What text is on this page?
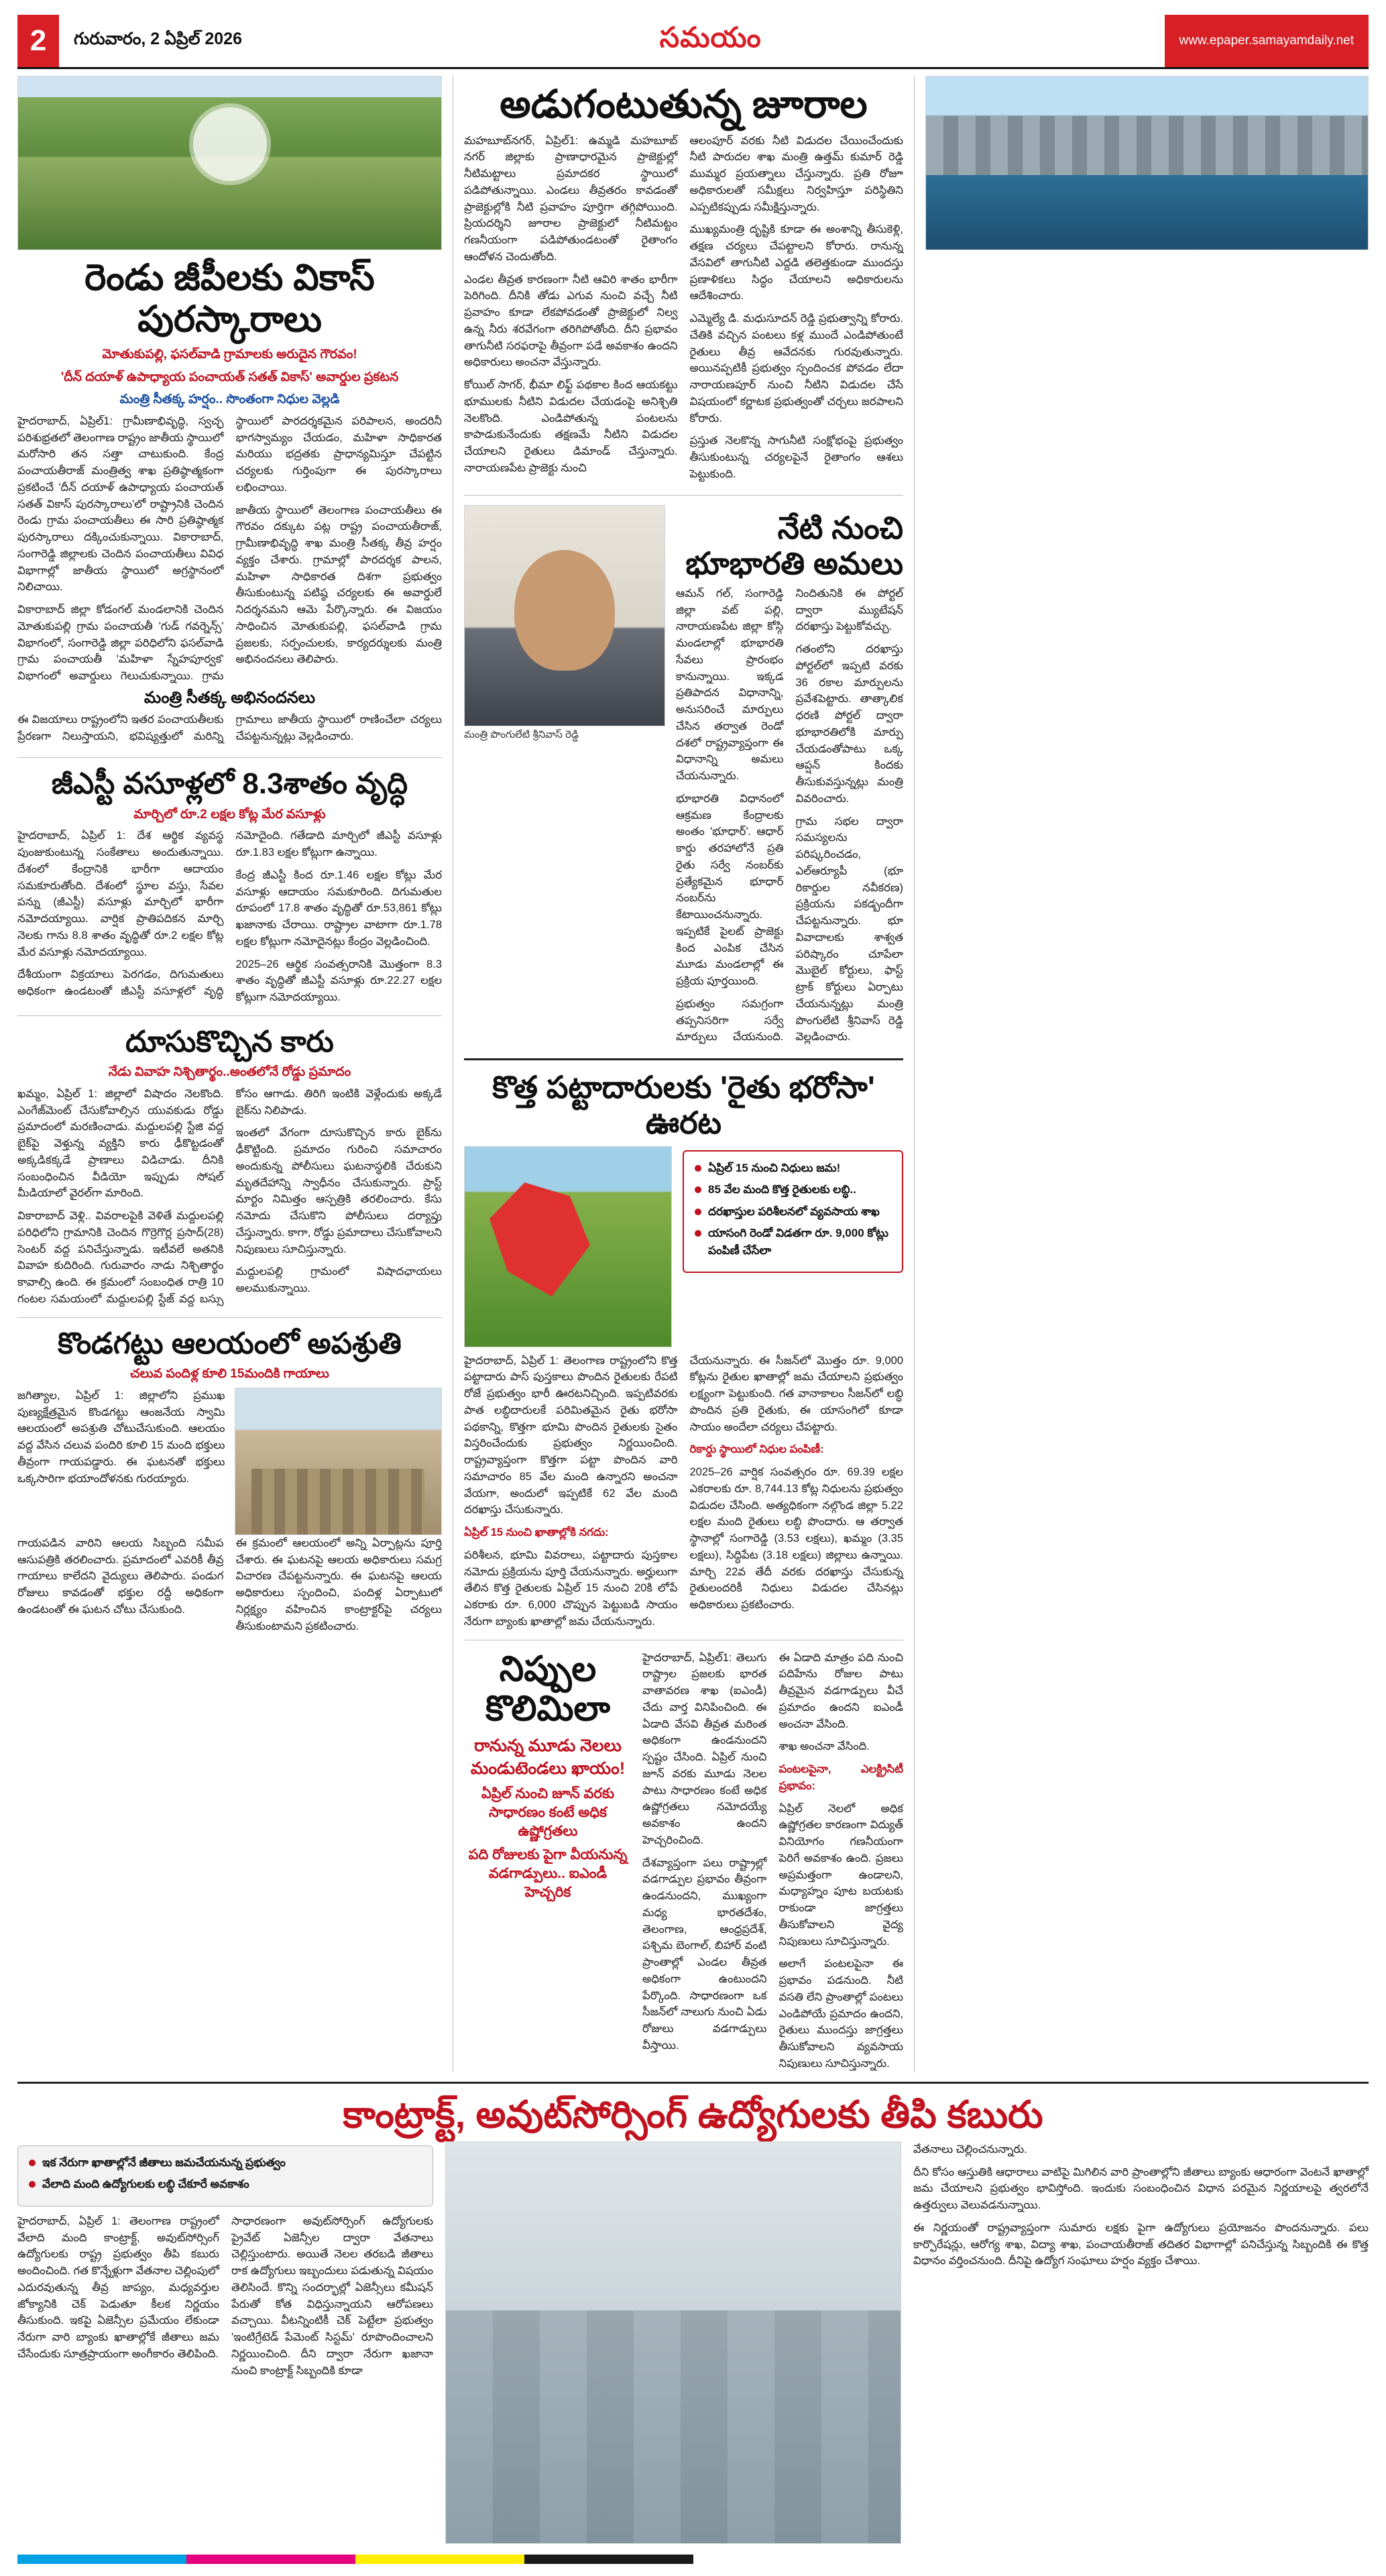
2	గురువారం, 2 ఏప్రిల్ 2026	సమయం	www.epaper.samayamdaily.net
రెండు జీపీలకు వికాస్ పురస్కారాలు
మోతుకుపల్లి, ఫసల్‌వాడి గ్రామాలకు అరుదైన గౌరవం!
'దీన్ దయాళ్ ఉపాధ్యాయ పంచాయత్ సతత్ వికాస్' అవార్డుల ప్రకటన
మంత్రి సీతక్క హర్షం.. సొంతంగా నిధుల వెల్లడి

హైదరాబాద్, ఏప్రిల్1: గ్రామీణాభివృద్ధి, స్వచ్ఛ పరిశుభ్రతలో తెలంగాణ రాష్ట్రం జాతీయ స్థాయిలో మరోసారి తన సత్తా చాటుకుంది. కేంద్ర పంచాయతీరాజ్ మంత్రిత్వ శాఖ ప్రతిష్ఠాత్మకంగా ప్రకటించే 'దీన్ దయాళ్ ఉపాధ్యాయ పంచాయత్ సతత్ వికాస్ పురస్కారాలు'లో రాష్ట్రానికి చెందిన రెండు గ్రామ పంచాయతీలు ఈ సారి ప్రతిష్ఠాత్మక పురస్కారాలు దక్కించుకున్నాయి. వికారాబాద్, సంగారెడ్డి జిల్లాలకు చెందిన పంచాయతీలు వివిధ విభాగాల్లో జాతీయ స్థాయిలో అగ్రస్థానంలో నిలిచాయి.

వికారాబాద్ జిల్లా కోడంగల్ మండలానికి చెందిన మోతుకుపల్లి గ్రామ పంచాయతీ 'గుడ్ గవర్నెన్స్' విభాగంలో, సంగారెడ్డి జిల్లా పరిధిలోని ఫసల్‌వాడి గ్రామ పంచాయతీ 'మహిళా స్నేహపూర్వక' విభాగంలో అవార్డులు గెలుచుకున్నాయి. గ్రామ స్థాయిలో పారదర్శకమైన పరిపాలన, అందరినీ భాగస్వామ్యం చేయడం, మహిళా సాధికారత మరియు భద్రతకు ప్రాధాన్యమిస్తూ చేపట్టిన చర్యలకు గుర్తింపుగా ఈ పురస్కారాలు లభించాయి.

జాతీయ స్థాయిలో తెలంగాణ పంచాయతీలు ఈ గౌరవం దక్కుట పట్ల రాష్ట్ర పంచాయతీరాజ్, గ్రామీణాభివృద్ధి శాఖ మంత్రి సీతక్క తీవ్ర హర్షం వ్యక్తం చేశారు. గ్రామాల్లో పారదర్శక పాలన, మహిళా సాధికారత దిశగా ప్రభుత్వం తీసుకుంటున్న పటిష్ఠ చర్యలకు ఈ అవార్డులే నిదర్శనమని ఆమె పేర్కొన్నారు. ఈ విజయం సాధించిన మోతుకుపల్లి, ఫసల్‌వాడి గ్రామ ప్రజలకు, సర్పంచులకు, కార్యదర్శులకు మంత్రి అభినందనలు తెలిపారు.

మంత్రి సీతక్క అభినందనలు

ఈ విజయాలు రాష్ట్రంలోని ఇతర పంచాయతీలకు ప్రేరణగా నిలుస్తాయని, భవిష్యత్తులో మరిన్ని గ్రామాలు జాతీయ స్థాయిలో రాణించేలా చర్యలు చేపట్టనున్నట్లు వెల్లడించారు.

జీఎస్టీ వసూళ్లలో 8.3శాతం వృద్ధి
మార్చిలో రూ.2 లక్షల కోట్ల మేర వసూళ్లు

హైదరాబాద్, ఏప్రిల్ 1: దేశ ఆర్థిక వ్యవస్థ పుంజుకుంటున్న సంకేతాలు అందుతున్నాయి. దేశంలో కేంద్రానికి భారీగా ఆదాయం సమకూరుతోంది. దేశంలో స్థూల వస్తు, సేవల పన్ను (జీఎస్టీ) వసూళ్లు మార్చిలో భారీగా నమోదయ్యాయి. వార్షిక ప్రాతిపదికన మార్చి నెలకు గాను 8.8 శాతం వృద్ధితో రూ.2 లక్షల కోట్ల మేర వసూళ్లు నమోదయ్యాయి.

దేశీయంగా విక్రయాలు పెరగడం, దిగుమతులు అధికంగా ఉండటంతో జీఎస్టీ వసూళ్లలో వృద్ధి నమోదైంది. గతేడాది మార్చిలో జీఎస్టీ వసూళ్లు రూ.1.83 లక్షల కోట్లుగా ఉన్నాయి.

కేంద్ర జీఎస్టీ కింద రూ.1.46 లక్షల కోట్లు మేర వసూళ్లు ఆదాయం సమకూరింది. దిగుమతుల రూపంలో 17.8 శాతం వృద్ధితో రూ.53,861 కోట్లు ఖజానాకు చేరాయి. రాష్ట్రాల వాటాగా రూ.1.78 లక్షల కోట్లుగా నమోదైనట్లు కేంద్రం వెల్లడించింది.

2025–26 ఆర్థిక సంవత్సరానికి మొత్తంగా 8.3 శాతం వృద్ధితో జీఎస్టీ వసూళ్లు రూ.22.27 లక్షల కోట్లుగా నమోదయ్యాయి.

దూసుకొచ్చిన కారు
నేడు వివాహ నిశ్చితార్థం..అంతలోనే రోడ్డు ప్రమాదం

ఖమ్మం, ఏప్రిల్ 1: జిల్లాలో విషాదం నెలకొంది. ఎంగేజ్‌మెంట్ చేసుకోవాల్సిన యువకుడు రోడ్డు ప్రమాదంలో మరణించాడు. మద్దులపల్లి స్టేజి వద్ద బైక్‌పై వెళ్తున్న వ్యక్తిని కారు ఢీకొట్టడంతో అక్కడికక్కడే ప్రాణాలు విడిచాడు. దీనికి సంబంధించిన వీడియో ఇప్పుడు సోషల్ మీడియాలో వైరల్‌గా మారింది.

వికారాబాద్ వెళ్లి.. వివరాలపైకి వెళితే మద్దులపల్లి పరిధిలోని గ్రామానికి చెందిన గొర్రెగొర్ల ప్రసాద్(28) సెంటర్ వద్ద పనిచేస్తున్నాడు. ఇటీవలే అతనికి వివాహ కుదిరింది. గురువారం నాడు నిశ్చితార్థం కావాల్సి ఉంది. ఈ క్రమంలో సంబంధిత రాత్రి 10 గంటల సమయంలో మద్దులపల్లి స్టేజ్ వద్ద బస్సు కోసం ఆగాడు. తిరిగి ఇంటికి వెళ్లేందుకు అక్కడే బైక్‌ను నిలిపాడు.

ఇంతలో వేగంగా దూసుకొచ్చిన కారు బైక్‌ను ఢీకొట్టింది. ప్రమాదం గురించి సమాచారం అందుకున్న పోలీసులు ఘటనాస్థలికి చేరుకుని మృతదేహాన్ని స్వాధీనం చేసుకున్నారు. ప్రాస్ట్ మార్టం నిమిత్తం ఆస్పత్రికి తరలించారు. కేసు నమోదు చేసుకొని పోలీసులు దర్యాప్తు చేస్తున్నారు. కాగా, రోడ్డు ప్రమాదాలు చేసుకోవాలని నిపుణులు సూచిస్తున్నారు.

మద్దులపల్లి గ్రామంలో విషాదఛాయలు అలముకున్నాయి.

కొండగట్టు ఆలయంలో అపశ్రుతి
చలువ పందిళ్ల కూలి 15మందికి గాయాలు

జగిత్యాల, ఏప్రిల్ 1: జిల్లాలోని ప్రముఖ పుణ్యక్షేత్రమైన కొండగట్టు ఆంజనేయ స్వామి ఆలయంలో అపశ్రుతి చోటుచేసుకుంది. ఆలయం వద్ద వేసిన చలువ పందిరి కూలి 15 మంది భక్తులు తీవ్రంగా గాయపడ్డారు. ఈ ఘటనతో భక్తులు ఒక్కసారిగా భయాందోళనకు గురయ్యారు.

గాయపడిన వారిని ఆలయ సిబ్బంది సమీప ఆసుపత్రికి తరలించారు. ప్రమాదంలో ఎవరికీ తీవ్ర గాయాలు కాలేదని వైద్యులు తెలిపారు. పండుగ రోజులు కావడంతో భక్తుల రద్దీ అధికంగా ఉండటంతో ఈ ఘటన చోటు చేసుకుంది.

ఈ క్రమంలో ఆలయంలో అన్ని ఏర్పాట్లను పూర్తి చేశారు. ఈ ఘటనపై ఆలయ అధికారులు సమగ్ర విచారణ చేపట్టనున్నారు. ఈ ఘటనపై ఆలయ అధికారులు స్పందించి, పందిళ్ల ఏర్పాటులో నిర్లక్ష్యం వహించిన కాంట్రాక్టర్‌పై చర్యలు తీసుకుంటామని ప్రకటించారు.

అడుగంటుతున్న జూరాల

మహబూబ్‌నగర్, ఏప్రిల్1: ఉమ్మడి మహబూబ్ నగర్ జిల్లాకు ప్రాణాధారమైన ప్రాజెక్టుల్లో నీటిమట్టాలు ప్రమాదకర స్థాయిలో పడిపోతున్నాయి. ఎండలు తీవ్రతరం కావడంతో ప్రాజెక్టుల్లోకి నీటి ప్రవాహం పూర్తిగా తగ్గిపోయింది. ప్రియదర్శిని జూరాల ప్రాజెక్టులో నీటిమట్టం గణనీయంగా పడిపోతుండటంతో రైతాంగం ఆందోళన చెందుతోంది.

ఎండల తీవ్రత కారణంగా నీటి ఆవిరి శాతం భారీగా పెరిగింది. దీనికి తోడు ఎగువ నుంచి వచ్చే నీటి ప్రవాహం కూడా లేకపోవడంతో ప్రాజెక్టులో నిల్వ ఉన్న నీరు శరవేగంగా తరిగిపోతోంది. దీని ప్రభావం తాగునీటి సరఫరాపై తీవ్రంగా పడే అవకాశం ఉందని అధికారులు అంచనా వేస్తున్నారు.

కోయిల్ సాగర్, భీమా లిఫ్ట్ పథకాల కింద ఆయకట్టు భూములకు నీటిని విడుదల చేయడంపై అనిశ్చితి నెలకొంది. ఎండిపోతున్న పంటలను కాపాడుకునేందుకు తక్షణమే నీటిని విడుదల చేయాలని రైతులు డిమాండ్ చేస్తున్నారు. నారాయణపేట ప్రాజెక్టు నుంచి

ఆలంపూర్ వరకు నీటి విడుదల చేయించేందుకు నీటి పారుదల శాఖ మంత్రి ఉత్తమ్ కుమార్ రెడ్డి ముమ్మర ప్రయత్నాలు చేస్తున్నారు. ప్రతి రోజూ అధికారులతో సమీక్షలు నిర్వహిస్తూ పరిస్థితిని ఎప్పటికప్పుడు సమీక్షిస్తున్నారు.

ముఖ్యమంత్రి దృష్టికి కూడా ఈ అంశాన్ని తీసుకెళ్లి, తక్షణ చర్యలు చేపట్టాలని కోరారు. రానున్న వేసవిలో తాగునీటి ఎద్దడి తలెత్తకుండా ముందస్తు ప్రణాళికలు సిద్ధం చేయాలని అధికారులను ఆదేశించారు.

ఎమ్మెల్యే డి. మధుసూదన్ రెడ్డి ప్రభుత్వాన్ని కోరారు. చేతికి వచ్చిన పంటలు కళ్ల ముందే ఎండిపోతుంటే రైతులు తీవ్ర ఆవేదనకు గురవుతున్నారు. అయినప్పటికీ ప్రభుత్వం స్పందించక పోవడం లేదా నారాయణపూర్ నుంచి నీటిని విడుదల చేసే విషయంలో కర్ణాటక ప్రభుత్వంతో చర్చలు జరపాలని కోరారు.

ప్రస్తుత నెలకొన్న సాగునీటి సంక్షోభంపై ప్రభుత్వం తీసుకుంటున్న చర్యలపైనే రైతాంగం ఆశలు పెట్టుకుంది.

మంత్రి పొంగులేటి శ్రీనివాస్ రెడ్డి
నేటి నుంచి భూభారతి అమలు

ఆమన్ గల్, సంగారెడ్డి జిల్లా వట్ పల్లి, నారాయణపేట జిల్లా కోస్గి మండలాల్లో భూభారతి సేవలు ప్రారంభం కానున్నాయి. ఇక్కడ ప్రతిపాదన విధానాన్ని, అనుసరించే మార్పులు చేసిన తర్వాత రెండో దశలో రాష్ట్రవ్యాప్తంగా ఈ విధానాన్ని అమలు చేయనున్నారు.

భూభారతి విధానంలో ఆక్రమణ కేంద్రాలకు అంతం 'భూధార్'. ఆధార్ కార్డు తరహాలోనే ప్రతి రైతు సర్వే నంబర్‌కు ప్రత్యేకమైన భూధార్ నంబర్‌ను కేటాయించనున్నారు. ఇప్పటికే పైలట్ ప్రాజెక్టు కింద ఎంపిక చేసిన మూడు మండలాల్లో ఈ ప్రక్రియ పూర్తయింది.

ప్రభుత్వం సమగ్రంగా తప్పనిసరిగా సర్వే మార్పులు చేయనుంది. నిందితునికి ఈ పోర్టల్ ద్వారా మ్యుటేషన్ దరఖాస్తు పెట్టుకోవచ్చు.

గతంలోని దరఖాస్తు పోర్టల్‌లో ఇప్పటి వరకు 36 రకాల మార్పులను ప్రవేశపెట్టారు. తాత్కాలిక ధరణి పోర్టల్ ద్వారా భూభారతిలోకి మార్పు చేయడంతోపాటు ఒక్క ఆప్షన్ కిందకు తీసుకువస్తున్నట్లు మంత్రి వివరించారు.

గ్రామ సభల ద్వారా సమస్యలను పరిష్కరించడం, ఎల్ఆర్యూపీ (భూ రికార్డుల నవీకరణ) ప్రక్రియను పకడ్బందీగా చేపట్టనున్నారు. భూ వివాదాలకు శాశ్వత పరిష్కారం చూపేలా మొబైల్ కోర్టులు, ఫాస్ట్ ట్రాక్ కోర్టులు ఏర్పాటు చేయనున్నట్లు మంత్రి పొంగులేటి శ్రీనివాస్ రెడ్డి వెల్లడించారు.

కొత్త పట్టాదారులకు 'రైతు భరోసా' ఊరట
ఏప్రిల్ 15 నుంచి నిధులు జమ!
85 వేల మంది కొత్త రైతులకు లబ్ధి..
దరఖాస్తుల పరిశీలనలో వ్యవసాయ శాఖ
యాసంగి రెండో విడతగా రూ. 9,000 కోట్లు పంపిణీ చేసేలా

హైదరాబాద్, ఏప్రిల్ 1: తెలంగాణ రాష్ట్రంలోని కొత్త పట్టాదారు పాస్ పుస్తకాలు పొందిన రైతులకు రేపటి రోజే ప్రభుత్వం భారీ ఊరటనిచ్చింది. ఇప్పటివరకు పాత లబ్ధిదారులకే పరిమితమైన రైతు భరోసా పథకాన్ని, కొత్తగా భూమి పొందిన రైతులకు సైతం విస్తరించేందుకు ప్రభుత్వం నిర్ణయించింది. రాష్ట్రవ్యాప్తంగా కొత్తగా పట్టా పొందిన వారి సమాచారం 85 వేల మంది ఉన్నారని అంచనా వేయగా, అందులో ఇప్పటికే 62 వేల మంది దరఖాస్తు చేసుకున్నారు.

ఏప్రిల్ 15 నుంచి ఖాతాల్లోకి నగదు:

పరిశీలన, భూమి వివరాలు, పట్టాదారు పుస్తకాల నమోదు ప్రక్రియను పూర్తి చేయనున్నారు. అర్హులుగా తేలిన కొత్త రైతులకు ఏప్రిల్ 15 నుంచి 20కి లోపే ఎకరాకు రూ. 6,000 చొప్పున పెట్టుబడి సాయం నేరుగా బ్యాంకు ఖాతాల్లో జమ చేయనున్నారు.

చేయనున్నారు. ఈ సీజన్‌లో మొత్తం రూ. 9,000 కోట్లను రైతుల ఖాతాల్లో జమ చేయాలని ప్రభుత్వం లక్ష్యంగా పెట్టుకుంది. గత వానాకాలం సీజన్‌లో లబ్ధి పొందిన ప్రతి రైతుకు, ఈ యాసంగిలో కూడా సాయం అందేలా చర్యలు చేపట్టారు.

రికార్డు స్థాయిలో నిధుల పంపిణీ:

2025–26 వార్షిక సంవత్సరం రూ. 69.39 లక్షల ఎకరాలకు రూ. 8,744.13 కోట్ల నిధులను ప్రభుత్వం విడుదల చేసింది. అత్యధికంగా నల్గొండ జిల్లా 5.22 లక్షల మంది రైతులు లబ్ధి పొందారు. ఆ తర్వాత స్థానాల్లో సంగారెడ్డి (3.53 లక్షలు), ఖమ్మం (3.35 లక్షలు), సిద్ధిపేట (3.18 లక్షలు) జిల్లాలు ఉన్నాయి. మార్చి 22వ తేదీ వరకు దరఖాస్తు చేసుకున్న రైతులందరికీ నిధులు విడుదల చేసినట్లు అధికారులు ప్రకటించారు.

నిప్పుల కొలిమిలా
రానున్న మూడు నెలలు మండుటెండలు ఖాయం!
ఏప్రిల్ నుంచి జూన్ వరకు సాధారణం కంటే అధిక ఉష్ణోగ్రతలు
పది రోజులకు పైగా వీయనున్న వడగాడ్పులు.. ఐఎండీ హెచ్చరిక

హైదరాబాద్, ఏప్రిల్1: తెలుగు రాష్ట్రాల ప్రజలకు భారత వాతావరణ శాఖ (ఐఎండీ) చేదు వార్త వినిపించింది. ఈ ఏడాది వేసవి తీవ్రత మరింత అధికంగా ఉండనుందని స్పష్టం చేసింది. ఏప్రిల్ నుంచి జూన్ వరకు మూడు నెలల పాటు సాధారణం కంటే అధిక ఉష్ణోగ్రతలు నమోదయ్యే అవకాశం ఉందని హెచ్చరించింది.

దేశవ్యాప్తంగా పలు రాష్ట్రాల్లో వడగాడ్పుల ప్రభావం తీవ్రంగా ఉండనుందని, ముఖ్యంగా మధ్య భారతదేశం, తెలంగాణ, ఆంధ్రప్రదేశ్, పశ్చిమ బెంగాల్, బిహార్ వంటి ప్రాంతాల్లో ఎండల తీవ్రత అధికంగా ఉంటుందని పేర్కొంది. సాధారణంగా ఒక సీజన్‌లో నాలుగు నుంచి ఏడు రోజులు వడగాడ్పులు వీస్తాయి.

ఈ ఏడాది మాత్రం పది నుంచి పదిహేను రోజుల పాటు తీవ్రమైన వడగాడ్పులు వీచే ప్రమాదం ఉందని ఐఎండీ అంచనా వేసింది.

శాఖ అంచనా వేసింది.

పంటలపైనా, ఎలక్ట్రిసిటీ ప్రభావం:

ఏప్రిల్ నెలలో అధిక ఉష్ణోగ్రతల కారణంగా విద్యుత్ వినియోగం గణనీయంగా పెరిగే అవకాశం ఉంది. ప్రజలు అప్రమత్తంగా ఉండాలని, మధ్యాహ్నం పూట బయటకు రాకుండా జాగ్రత్తలు తీసుకోవాలని వైద్య నిపుణులు సూచిస్తున్నారు.

అలాగే పంటలపైనా ఈ ప్రభావం పడనుంది. నీటి వసతి లేని ప్రాంతాల్లో పంటలు ఎండిపోయే ప్రమాదం ఉందని, రైతులు ముందస్తు జాగ్రత్తలు తీసుకోవాలని వ్యవసాయ నిపుణులు సూచిస్తున్నారు.

కాంట్రాక్ట్, అవుట్‌సోర్సింగ్ ఉద్యోగులకు తీపి కబురు
ఇక నేరుగా ఖాతాల్లోనే జీతాలు జమచేయనున్న ప్రభుత్వం
వేలాది మంది ఉద్యోగులకు లబ్ధి చేకూరే అవకాశం

హైదరాబాద్, ఏప్రిల్ 1: తెలంగాణ రాష్ట్రంలో వేలాది మంది కాంట్రాక్ట్, అవుట్‌సోర్సింగ్ ఉద్యోగులకు రాష్ట్ర ప్రభుత్వం తీపి కబురు అందించింది. గత కొన్నేళ్లుగా వేతనాల చెల్లింపులో ఎదురవుతున్న తీవ్ర జాప్యం, మధ్యవర్తుల జోక్యానికి చెక్ పెడుతూ కీలక నిర్ణయం తీసుకుంది. ఇకపై ఏజెన్సీల ప్రమేయం లేకుండా నేరుగా వారి బ్యాంకు ఖాతాల్లోకే జీతాలు జమ చేసేందుకు సూత్రప్రాయంగా అంగీకారం తెలిపింది.

సాధారణంగా అవుట్‌సోర్సింగ్ ఉద్యోగులకు ప్రైవేట్ ఏజెన్సీల ద్వారా వేతనాలు చెల్లిస్తుంటారు. అయితే నెలల తరబడి జీతాలు రాక ఉద్యోగులు ఇబ్బందులు పడుతున్న విషయం తెలిసిందే. కొన్ని సందర్భాల్లో ఏజెన్సీలు కమీషన్ పేరుతో కోత విధిస్తున్నాయని ఆరోపణలు వచ్చాయి. వీటన్నింటికీ చెక్ పెట్టేలా ప్రభుత్వం 'ఇంటిగ్రేటెడ్ పేమెంట్ సిస్టమ్' రూపొందించాలని నిర్ణయించింది. దీని ద్వారా నేరుగా ఖజానా నుంచి కాంట్రాక్ట్ సిబ్బందికి కూడా

వేతనాలు చెల్లించనున్నారు.

దీని కోసం ఆస్తుతికి ఆధారాలు వాటిపై మిగిలిన వారి ప్రాంతాల్లోని జీతాలు బ్యాంకు ఆధారంగా వెంటనే ఖాతాల్లో జమ చేయాలని ప్రభుత్వం భావిస్తోంది. ఇందుకు సంబంధించిన విధాన పరమైన నిర్ణయాలపై త్వరలోనే ఉత్తర్వులు వెలువడనున్నాయి.

ఈ నిర్ణయంతో రాష్ట్రవ్యాప్తంగా సుమారు లక్షకు పైగా ఉద్యోగులు ప్రయోజనం పొందనున్నారు. పలు కార్పొరేషన్లు, ఆరోగ్య శాఖ, విద్యా శాఖ, పంచాయతీరాజ్ తదితర విభాగాల్లో పనిచేస్తున్న సిబ్బందికి ఈ కొత్త విధానం వర్తించనుంది. దీనిపై ఉద్యోగ సంఘాలు హర్షం వ్యక్తం చేశాయి.
